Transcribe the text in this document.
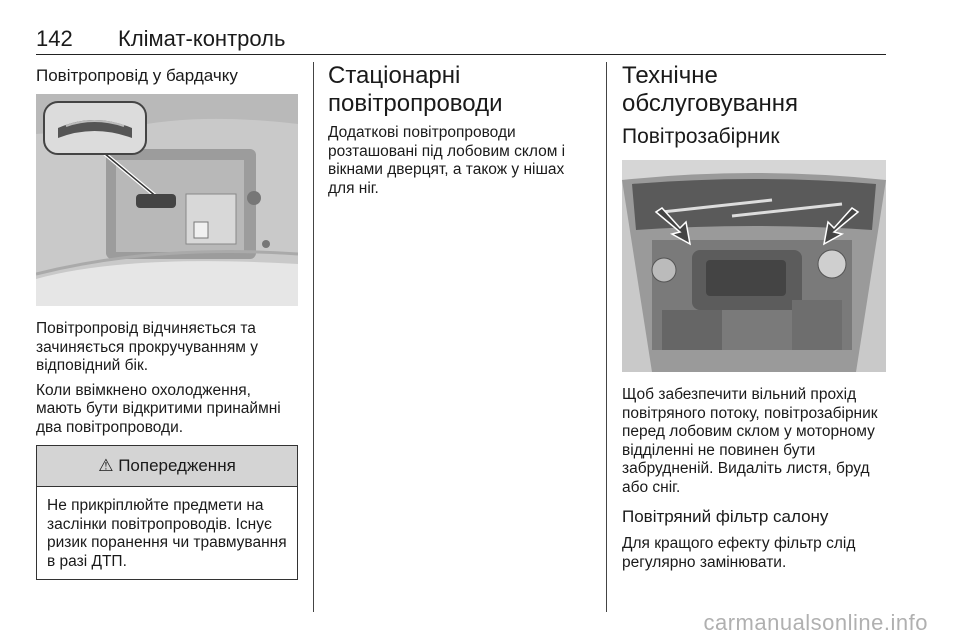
142 Клімат-контроль
Повітропровід у бардачку

Повітропровід відчиняється та зачиняється прокручуванням у відповідний бік.

Коли ввімкнено охолодження, мають бути відкритими принаймні два повітропроводи.

⚠ Попередження

Не прикріплюйте предмети на заслінки повітропроводів. Існує ризик поранення чи травмування в разі ДТП.

Стаціонарні повітропроводи

Додаткові повітропроводи розташовані під лобовим склом і вікнами дверцят, а також у нішах для ніг.

Технічне обслуговування
Повітрозабірник

Щоб забезпечити вільний прохід повітряного потоку, повітрозабірник перед лобовим склом у моторному відділенні не повинен бути забрудненій. Видаліть листя, бруд або сніг.

Повітряний фільтр салону

Для кращого ефекту фільтр слід регулярно замінювати.

carmanualsonline.info
